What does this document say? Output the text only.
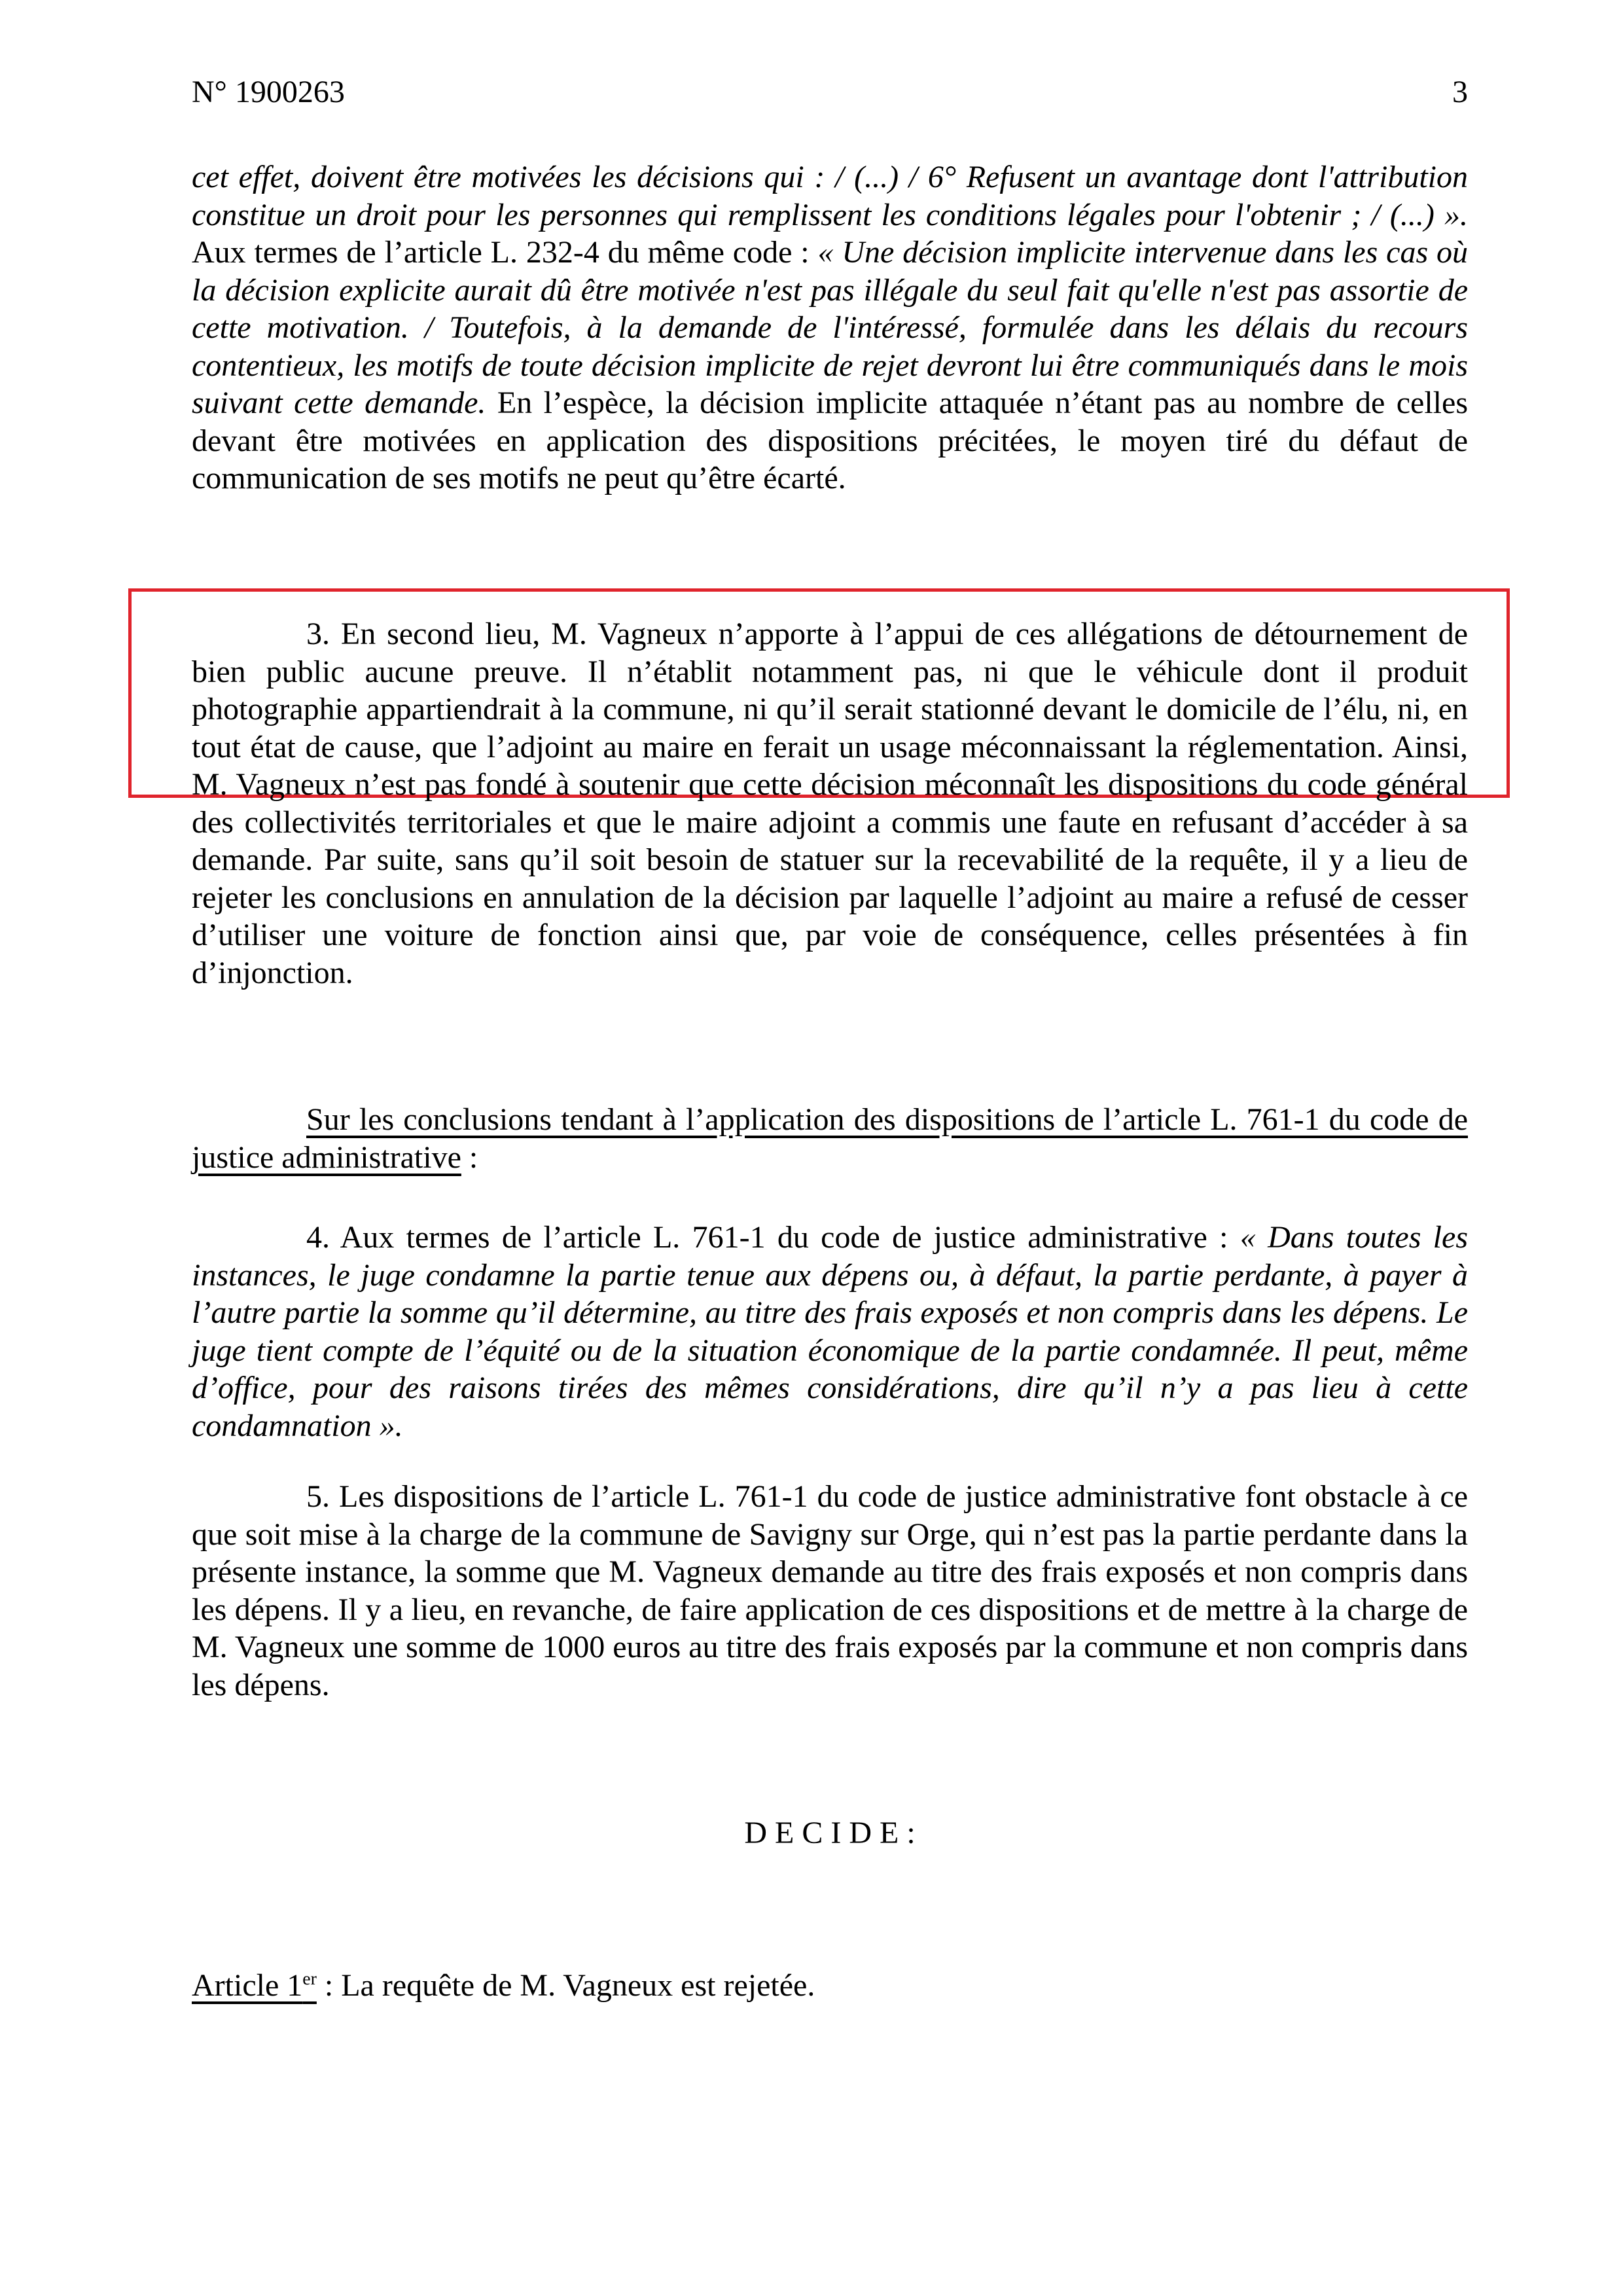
N° 1900263	3

cet effet, doivent être motivées les décisions qui : / (...) / 6° Refusent un avantage dont l'attribution constitue un droit pour les personnes qui remplissent les conditions légales pour l'obtenir ; / (...) ». Aux termes de l’article L. 232-4 du même code : « Une décision implicite intervenue dans les cas où la décision explicite aurait dû être motivée n'est pas illégale du seul fait qu'elle n'est pas assortie de cette motivation. / Toutefois, à la demande de l'intéressé, formulée dans les délais du recours contentieux, les motifs de toute décision implicite de rejet devront lui être communiqués dans le mois suivant cette demande. En l’espèce, la décision implicite attaquée n’étant pas au nombre de celles devant être motivées en application des dispositions précitées, le moyen tiré du défaut de communication de ses motifs ne peut qu’être écarté.

3. En second lieu, M. Vagneux n’apporte à l’appui de ces allégations de détournement de bien public aucune preuve. Il n’établit notamment pas, ni que le véhicule dont il produit photographie appartiendrait à la commune, ni qu’il serait stationné devant le domicile de l’élu, ni, en tout état de cause, que l’adjoint au maire en ferait un usage méconnaissant la réglementation. Ainsi, M. Vagneux n’est pas fondé à soutenir que cette décision méconnaît les dispositions du code général des collectivités territoriales et que le maire adjoint a commis une faute en refusant d’accéder à sa demande. Par suite, sans qu’il soit besoin de statuer sur la recevabilité de la requête, il y a lieu de rejeter les conclusions en annulation de la décision par laquelle l’adjoint au maire a refusé de cesser d’utiliser une voiture de fonction ainsi que, par voie de conséquence, celles présentées à fin d’injonction.

Sur les conclusions tendant à l’application des dispositions de l’article L. 761-1 du code de justice administrative :

4. Aux termes de l’article L. 761-1 du code de justice administrative : « Dans toutes les instances, le juge condamne la partie tenue aux dépens ou, à défaut, la partie perdante, à payer à l’autre partie la somme qu’il détermine, au titre des frais exposés et non compris dans les dépens. Le juge tient compte de l’équité ou de la situation économique de la partie condamnée. Il peut, même d’office, pour des raisons tirées des mêmes considérations, dire qu’il n’y a pas lieu à cette condamnation ».

5. Les dispositions de l’article L. 761-1 du code de justice administrative font obstacle à ce que soit mise à la charge de la commune de Savigny sur Orge, qui n’est pas la partie perdante dans la présente instance, la somme que M. Vagneux demande au titre des frais exposés et non compris dans les dépens. Il y a lieu, en revanche, de faire application de ces dispositions et de mettre à la charge de M. Vagneux une somme de 1000 euros au titre des frais exposés par la commune et non compris dans les dépens.

D E C I D E :

Article 1er : La requête de M. Vagneux est rejetée.
